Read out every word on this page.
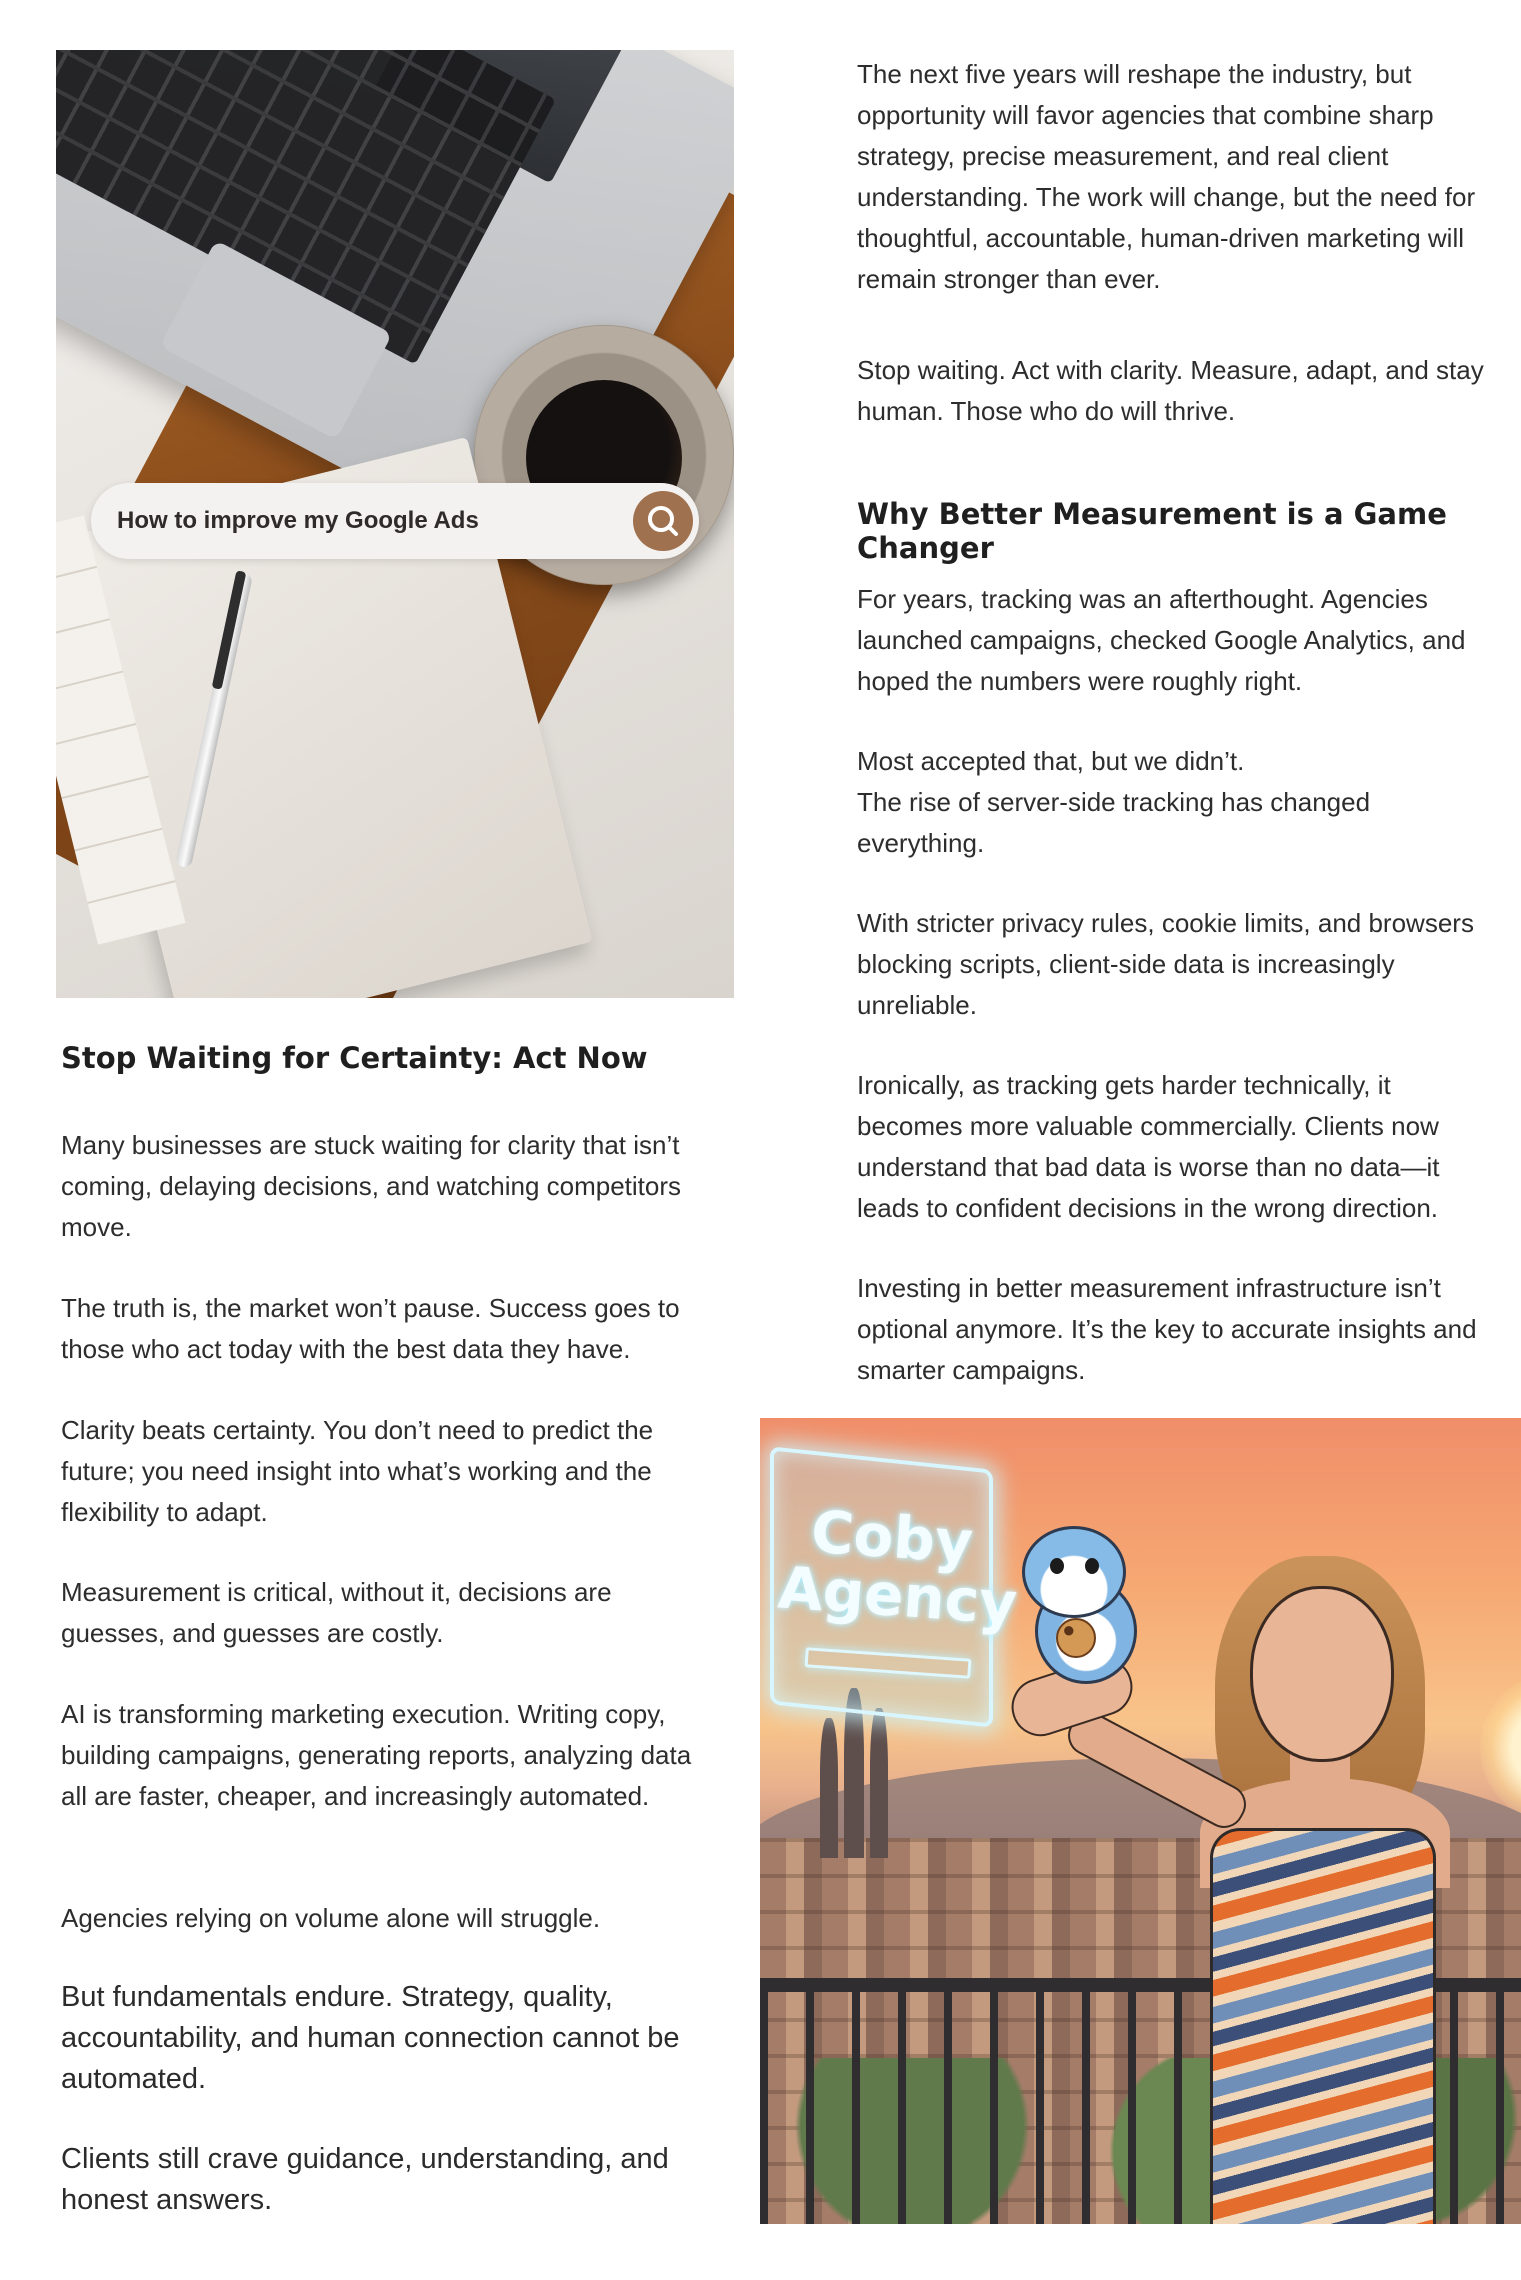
How to improve my Google Ads
Stop Waiting for Certainty: Act Now

Many businesses are stuck waiting for clarity that isn’t coming, delaying decisions, and watching competitors move.

The truth is, the market won’t pause. Success goes to those who act today with the best data they have.

Clarity beats certainty. You don’t need to predict the future; you need insight into what’s working and the flexibility to adapt.

Measurement is critical, without it, decisions are guesses, and guesses are costly.

AI is transforming marketing execution. Writing copy, building campaigns, generating reports, analyzing data all are faster, cheaper, and increasingly automated.

Agencies relying on volume alone will struggle.

But fundamentals endure. Strategy, quality, accountability, and human connection cannot be automated.

Clients still crave guidance, understanding, and honest answers.

The next five years will reshape the industry, but opportunity will favor agencies that combine sharp strategy, precise measurement, and real client understanding. The work will change, but the need for thoughtful, accountable, human-driven marketing will remain stronger than ever.

Stop waiting. Act with clarity. Measure, adapt, and stay human. Those who do will thrive.

Why Better Measurement is a Game Changer

For years, tracking was an afterthought. Agencies launched campaigns, checked Google Analytics, and hoped the numbers were roughly right.

Most accepted that, but we didn’t.
The rise of server-side tracking has changed everything.

With stricter privacy rules, cookie limits, and browsers blocking scripts, client-side data is increasingly unreliable.

Ironically, as tracking gets harder technically, it becomes more valuable commercially. Clients now understand that bad data is worse than no data—it leads to confident decisions in the wrong direction.

Investing in better measurement infrastructure isn’t optional anymore. It’s the key to accurate insights and smarter campaigns.

Coby Agency
